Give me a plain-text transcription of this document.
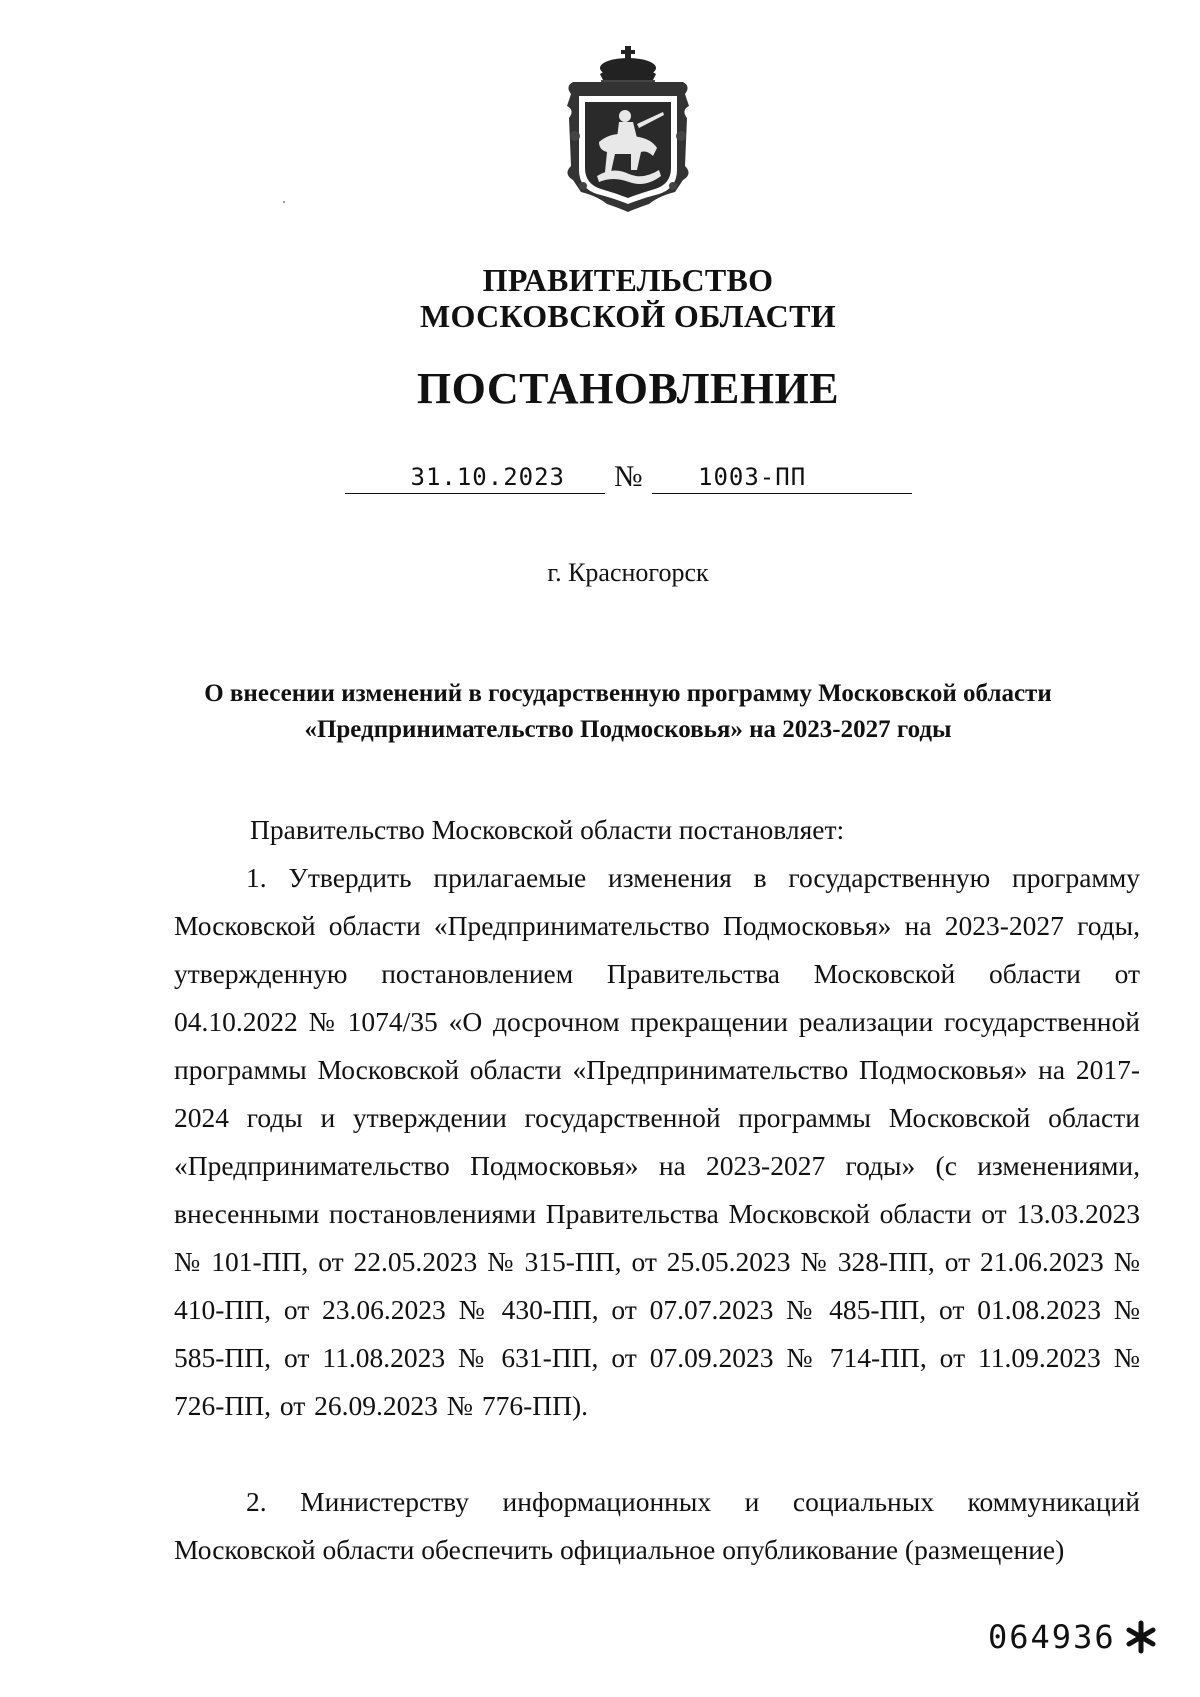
ПРАВИТЕЛЬСТВО
МОСКОВСКОЙ ОБЛАСТИ
ПОСТАНОВЛЕНИЕ
31.10.2023	№	1003-ПП
г. Красногорск
О внесении изменений в государственную программу Московской области «Предпринимательство Подмосковья» на 2023-2027 годы
Правительство Московской области постановляет:
1. Утвердить прилагаемые изменения в государственную программу Московской области «Предпринимательство Подмосковья» на 2023-2027 годы, утвержденную постановлением Правительства Московской области от 04.10.2022 № 1074/35 «О досрочном прекращении реализации государственной программы Московской области «Предпринимательство Подмосковья» на 2017-2024 годы и утверждении государственной программы Московской области «Предпринимательство Подмосковья» на 2023-2027 годы» (с изменениями, внесенными постановлениями Правительства Московской области от 13.03.2023 № 101-ПП, от 22.05.2023 № 315-ПП, от 25.05.2023 № 328-ПП, от 21.06.2023 № 410-ПП, от 23.06.2023 № 430-ПП, от 07.07.2023 № 485-ПП, от 01.08.2023 № 585-ПП, от 11.08.2023 № 631-ПП, от 07.09.2023 № 714-ПП, от 11.09.2023 № 726-ПП, от 26.09.2023 № 776-ПП).
2. Министерству информационных и социальных коммуникаций Московской области обеспечить официальное опубликование (размещение)
064936
